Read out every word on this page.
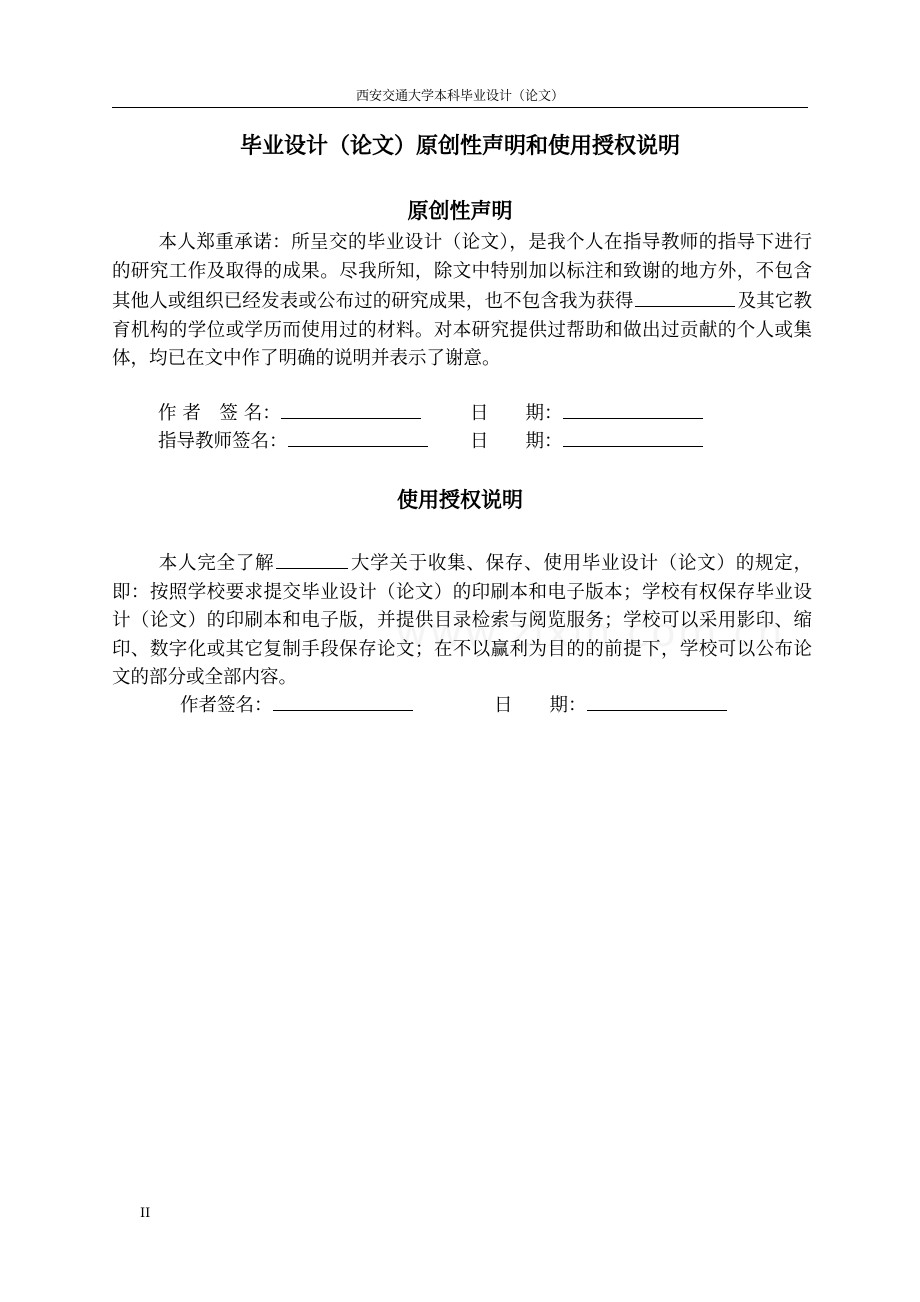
西安交通大学本科毕业设计（论文）
毕业设计（论文）原创性声明和使用授权说明
原创性声明
本人郑重承诺：所呈交的毕业设计（论文），是我个人在指导教师的指导下进行的研究工作及取得的成果。尽我所知，除文中特别加以标注和致谢的地方外，不包含其他人或组织已经发表或公布过的研究成果，也不包含我为获得	及其它教育机构的学位或学历而使用过的材料。对本研究提供过帮助和做出过贡献的个人或集体，均已在文中作了明确的说明并表示了谢意。
作 者　签 名：	日　　期：
指导教师签名：	日　　期：
使用授权说明
本人完全了解	大学关于收集、保存、使用毕业设计（论文）的规定，即：按照学校要求提交毕业设计（论文）的印刷本和电子版本；学校有权保存毕业设计（论文）的印刷本和电子版，并提供目录检索与阅览服务；学校可以采用影印、缩印、数字化或其它复制手段保存论文；在不以赢利为目的的前提下，学校可以公布论文的部分或全部内容。
作者签名：	日　　期：
II
